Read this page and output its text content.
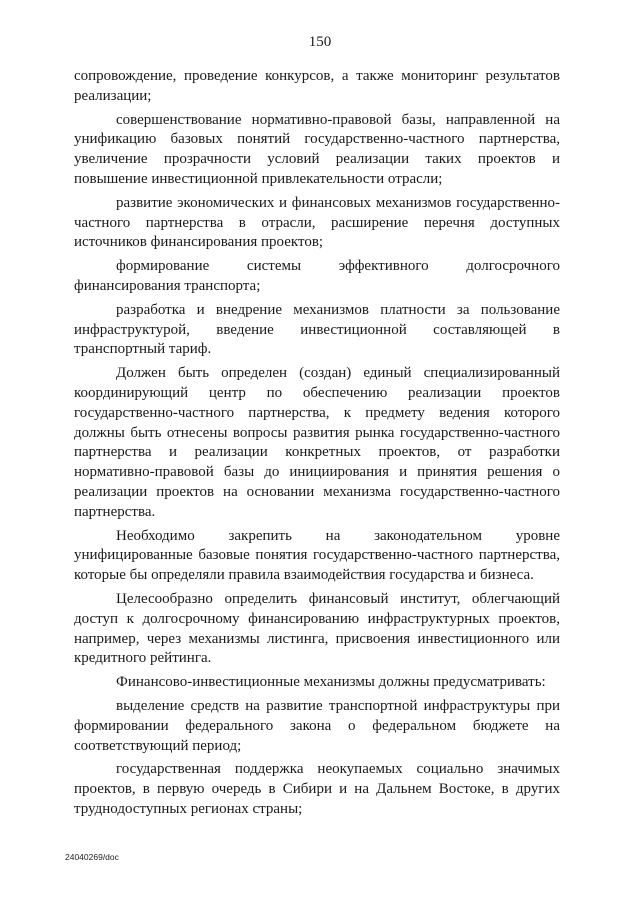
150

сопровождение, проведение конкурсов, а также мониторинг результатов реализации;

совершенствование нормативно-правовой базы, направленной на унификацию базовых понятий государственно-частного партнерства, увеличение прозрачности условий реализации таких проектов и повышение инвестиционной привлекательности отрасли;

развитие экономических и финансовых механизмов государственно-частного партнерства в отрасли, расширение перечня доступных источников финансирования проектов;

формирование системы эффективного долгосрочного финансирования транспорта;

разработка и внедрение механизмов платности за пользование инфраструктурой, введение инвестиционной составляющей в транспортный тариф.

Должен быть определен (создан) единый специализированный координирующий центр по обеспечению реализации проектов государственно-частного партнерства, к предмету ведения которого должны быть отнесены вопросы развития рынка государственно-частного партнерства и реализации конкретных проектов, от разработки нормативно-правовой базы до инициирования и принятия решения о реализации проектов на основании механизма государственно-частного партнерства.

Необходимо закрепить на законодательном уровне унифицированные базовые понятия государственно-частного партнерства, которые бы определяли правила взаимодействия государства и бизнеса.

Целесообразно определить финансовый институт, облегчающий доступ к долгосрочному финансированию инфраструктурных проектов, например, через механизмы листинга, присвоения инвестиционного или кредитного рейтинга.

Финансово-инвестиционные механизмы должны предусматривать:

выделение средств на развитие транспортной инфраструктуры при формировании федерального закона о федеральном бюджете на соответствующий период;

государственная поддержка неокупаемых социально значимых проектов, в первую очередь в Сибири и на Дальнем Востоке, в других труднодоступных регионах страны;

24040269/doc
